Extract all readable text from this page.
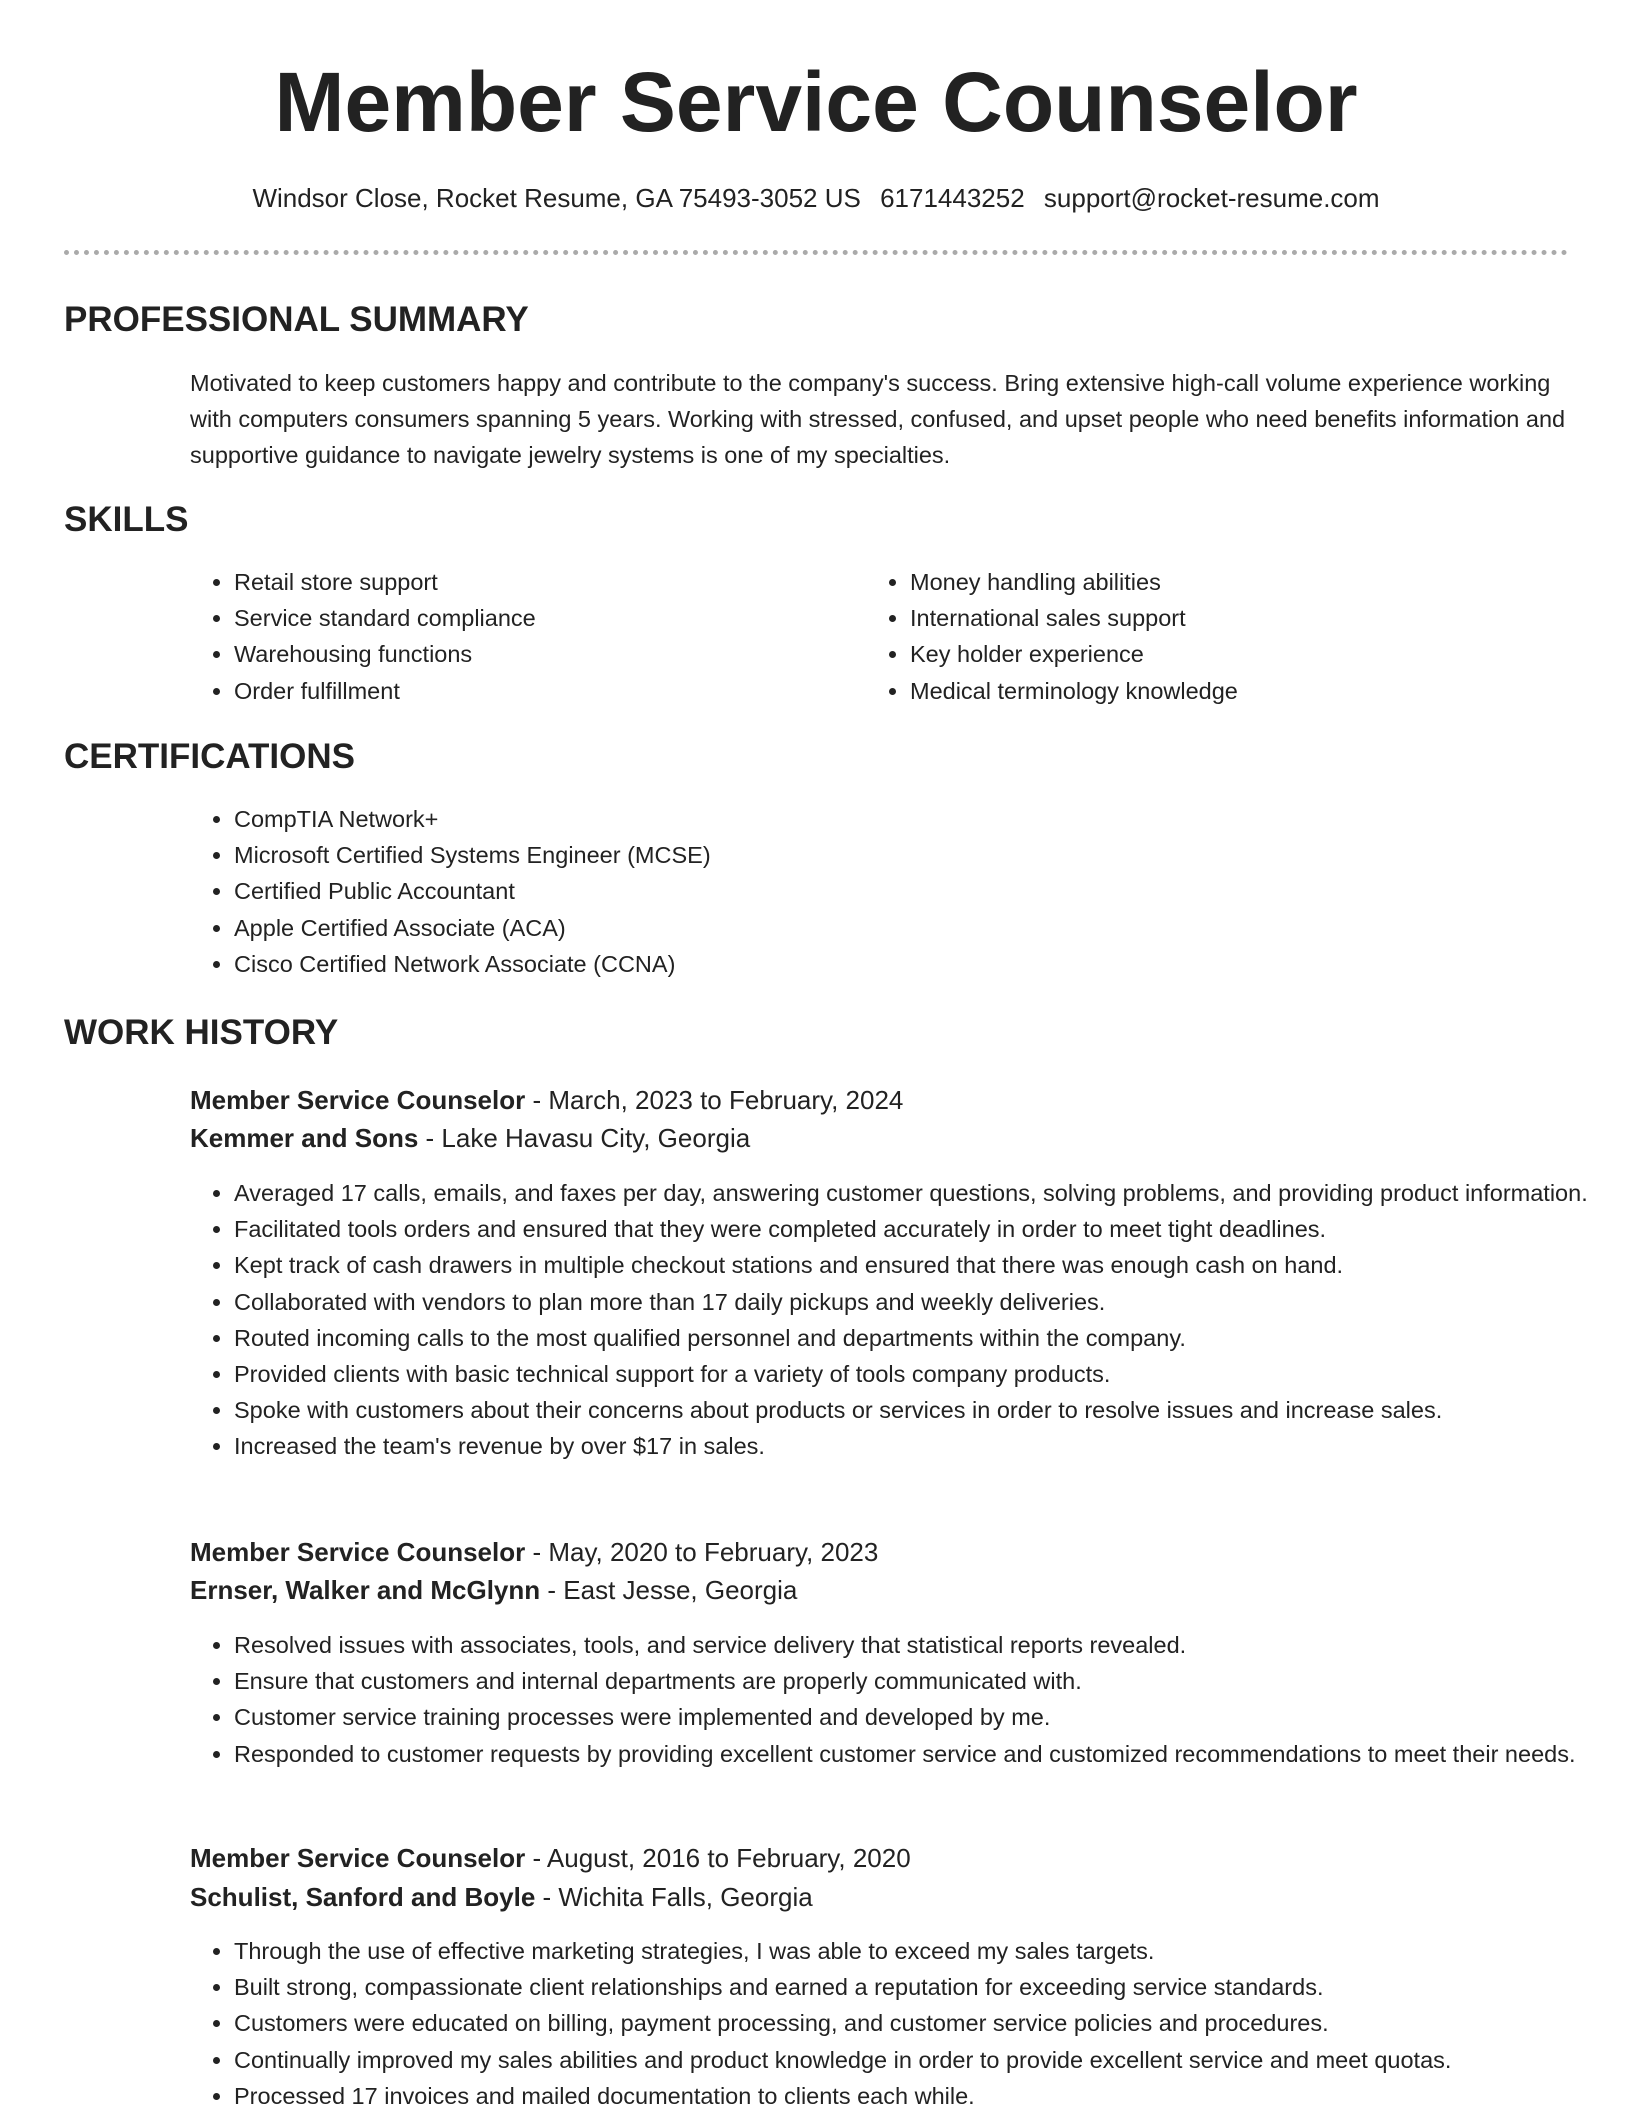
Member Service Counselor
Windsor Close, Rocket Resume, GA 75493-3052 US 6171443252 support@rocket-resume.com
PROFESSIONAL SUMMARY

Motivated to keep customers happy and contribute to the company's success. Bring extensive high-call volume experience working with computers consumers spanning 5 years. Working with stressed, confused, and upset people who need benefits information and supportive guidance to navigate jewelry systems is one of my specialties.

SKILLS
• Retail store support
• Service standard compliance
• Warehousing functions
• Order fulfillment
• Money handling abilities
• International sales support
• Key holder experience
• Medical terminology knowledge
CERTIFICATIONS
• CompTIA Network+
• Microsoft Certified Systems Engineer (MCSE)
• Certified Public Accountant
• Apple Certified Associate (ACA)
• Cisco Certified Network Associate (CCNA)
WORK HISTORY
Member Service Counselor - March, 2023 to February, 2024
Kemmer and Sons - Lake Havasu City, Georgia
• Averaged 17 calls, emails, and faxes per day, answering customer questions, solving problems, and providing product information.
• Facilitated tools orders and ensured that they were completed accurately in order to meet tight deadlines.
• Kept track of cash drawers in multiple checkout stations and ensured that there was enough cash on hand.
• Collaborated with vendors to plan more than 17 daily pickups and weekly deliveries.
• Routed incoming calls to the most qualified personnel and departments within the company.
• Provided clients with basic technical support for a variety of tools company products.
• Spoke with customers about their concerns about products or services in order to resolve issues and increase sales.
• Increased the team's revenue by over $17 in sales.
Member Service Counselor - May, 2020 to February, 2023
Ernser, Walker and McGlynn - East Jesse, Georgia
• Resolved issues with associates, tools, and service delivery that statistical reports revealed.
• Ensure that customers and internal departments are properly communicated with.
• Customer service training processes were implemented and developed by me.
• Responded to customer requests by providing excellent customer service and customized recommendations to meet their needs.
Member Service Counselor - August, 2016 to February, 2020
Schulist, Sanford and Boyle - Wichita Falls, Georgia
• Through the use of effective marketing strategies, I was able to exceed my sales targets.
• Built strong, compassionate client relationships and earned a reputation for exceeding service standards.
• Customers were educated on billing, payment processing, and customer service policies and procedures.
• Continually improved my sales abilities and product knowledge in order to provide excellent service and meet quotas.
• Processed 17 invoices and mailed documentation to clients each while.
